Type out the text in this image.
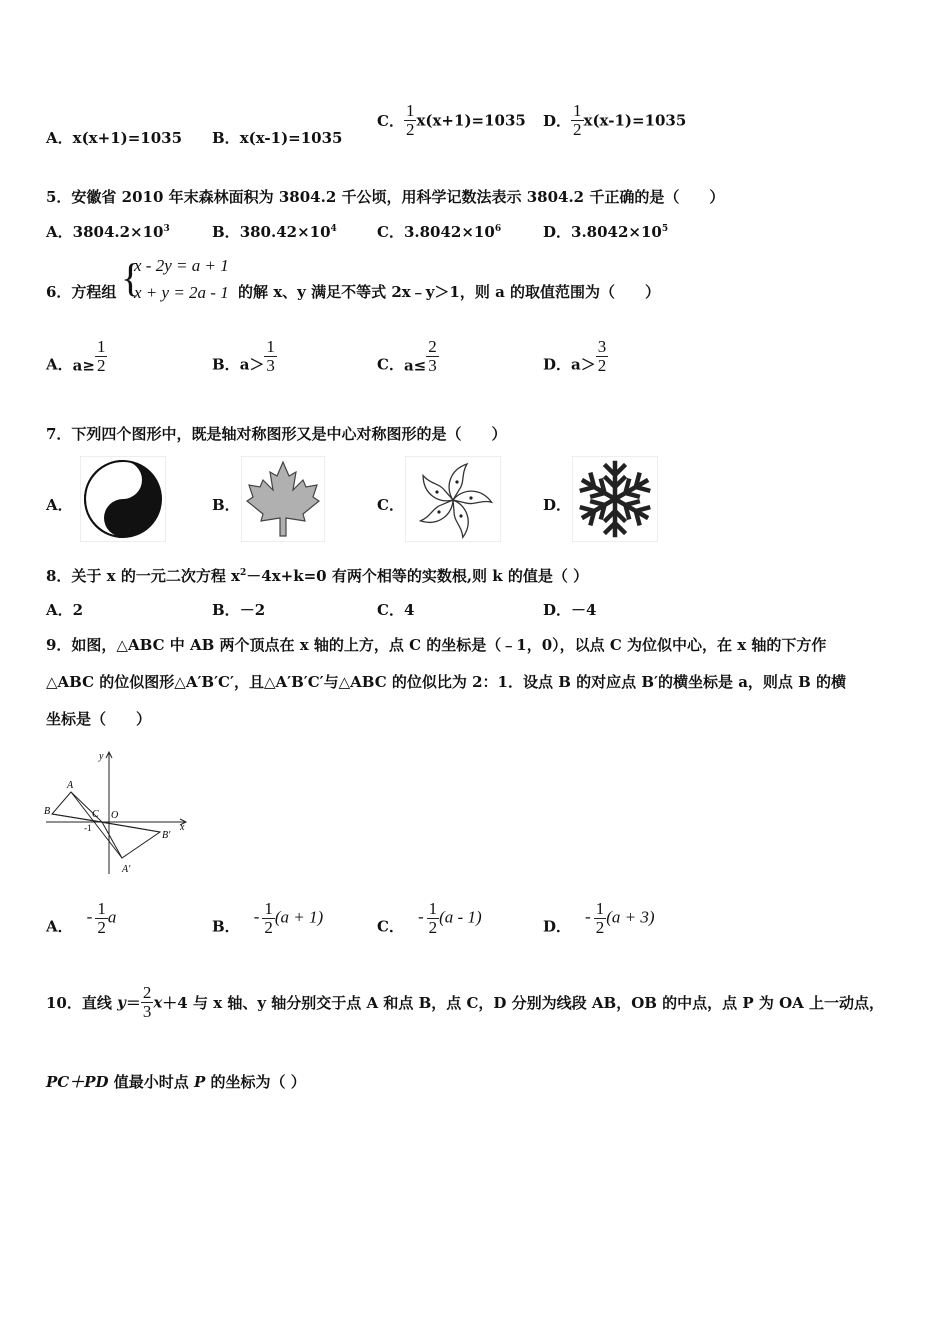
A．x(x+1)=1035 B．x(x-1)=1035
C． $\frac{1}{2} x(x+1)=1035$ D． $\frac{1}{2} x(x-1)=1035$
5．安徽省 2010 年末森林面积为 3804.2 千公顷，用科学记数法表示 3804.2 千正确的是（　　）
A．$3804.2\times 10^3$	B．$380.42\times 10^4$	C．$3.8042\times 10^6$	D．$3.8042\times 10^5$
6．方程组 {
x - 2y = a + 1
x + y = 2a - 1 的解 x、y 满足不等式 2x﹣y＞1，则 a 的取值范围为（　　）
A．$a\ge \frac{1}{2}$	B．$a> \frac{1}{3}$	C．$a\le \frac{2}{3}$	D．$a> \frac{3}{2}$
7．下列四个图形中，既是轴对称图形又是中心对称图形的是（　　）
A．	B．	C．	D．
8．关于 x 的一元二次方程 $x^2-4x+k=0$ 有两个相等的实数根,则 k 的值是（ ）
A．2	B．－2	C．4	D．－4
9．如图，△ABC 中 AB 两个顶点在 x 轴的上方，点 C 的坐标是（﹣1，0），以点 C 为位似中心，在 x 轴的下方作
△ABC 的位似图形△A′B′C′，且△A′B′C′与△ABC 的位似比为 2：1．设点 B 的对应点 B′的横坐标是 a，则点 B 的横
坐标是（　　）
y
x
A
B	C O
-1
B′
A′
A．- $\frac{1}{2}$ a
B．- $\frac{1}{2} (a + 1)$
C．- $\frac{1}{2} (a - 1)$
D．- $\frac{1}{2} (a + 3)$
10．直线 $y= \frac{2}{3} x+4$ 与 x 轴、y 轴分别交于点 A 和点 B，点 C，D 分别为线段 AB，OB 的中点，点 P 为 OA 上一动点，
PC＋PD 值最小时点 P 的坐标为（ ）
